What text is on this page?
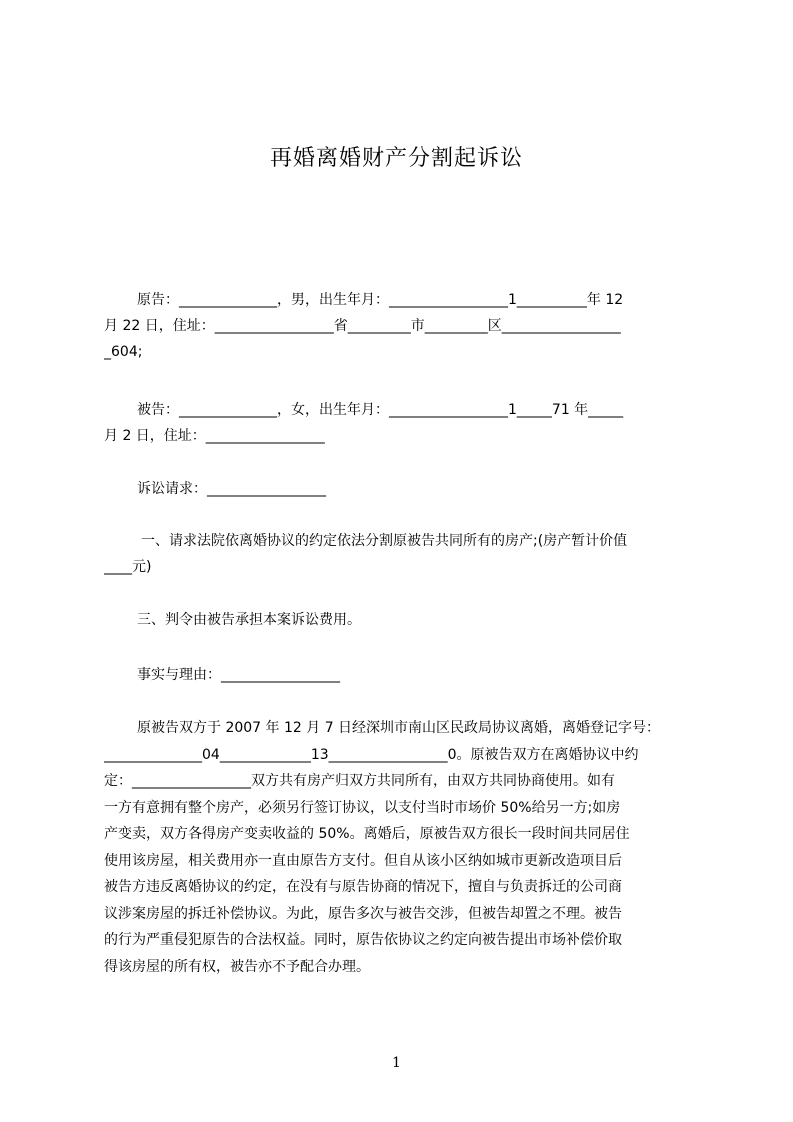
再婚离婚财产分割起诉讼
原告：______________，男，出生年月：_________________1__________年 12
月 22 日，住址：_________________省_________市_________区_________________
_604;
被告：______________，女，出生年月：_________________1_____71 年_____
月 2 日，住址：_________________
诉讼请求：_________________
一、请求法院依离婚协议的约定依法分割原被告共同所有的房产;(房产暂计价值
____元)
三、判令由被告承担本案诉讼费用。
事实与理由：_________________
原被告双方于 2007 年 12 月 7 日经深圳市南山区民政局协议离婚，离婚登记字号：
______________04_____________13_________________0。原被告双方在离婚协议中约
定：_________________双方共有房产归双方共同所有，由双方共同协商使用。如有
一方有意拥有整个房产，必须另行签订协议，以支付当时市场价 50%给另一方;如房
产变卖，双方各得房产变卖收益的 50%。离婚后，原被告双方很长一段时间共同居住
使用该房屋，相关费用亦一直由原告方支付。但自从该小区纳如城市更新改造项目后
被告方违反离婚协议的约定，在没有与原告协商的情况下，擅自与负责拆迁的公司商
议涉案房屋的拆迁补偿协议。为此，原告多次与被告交涉，但被告却置之不理。被告
的行为严重侵犯原告的合法权益。同时，原告依协议之约定向被告提出市场补偿价取
得该房屋的所有权，被告亦不予配合办理。
1
